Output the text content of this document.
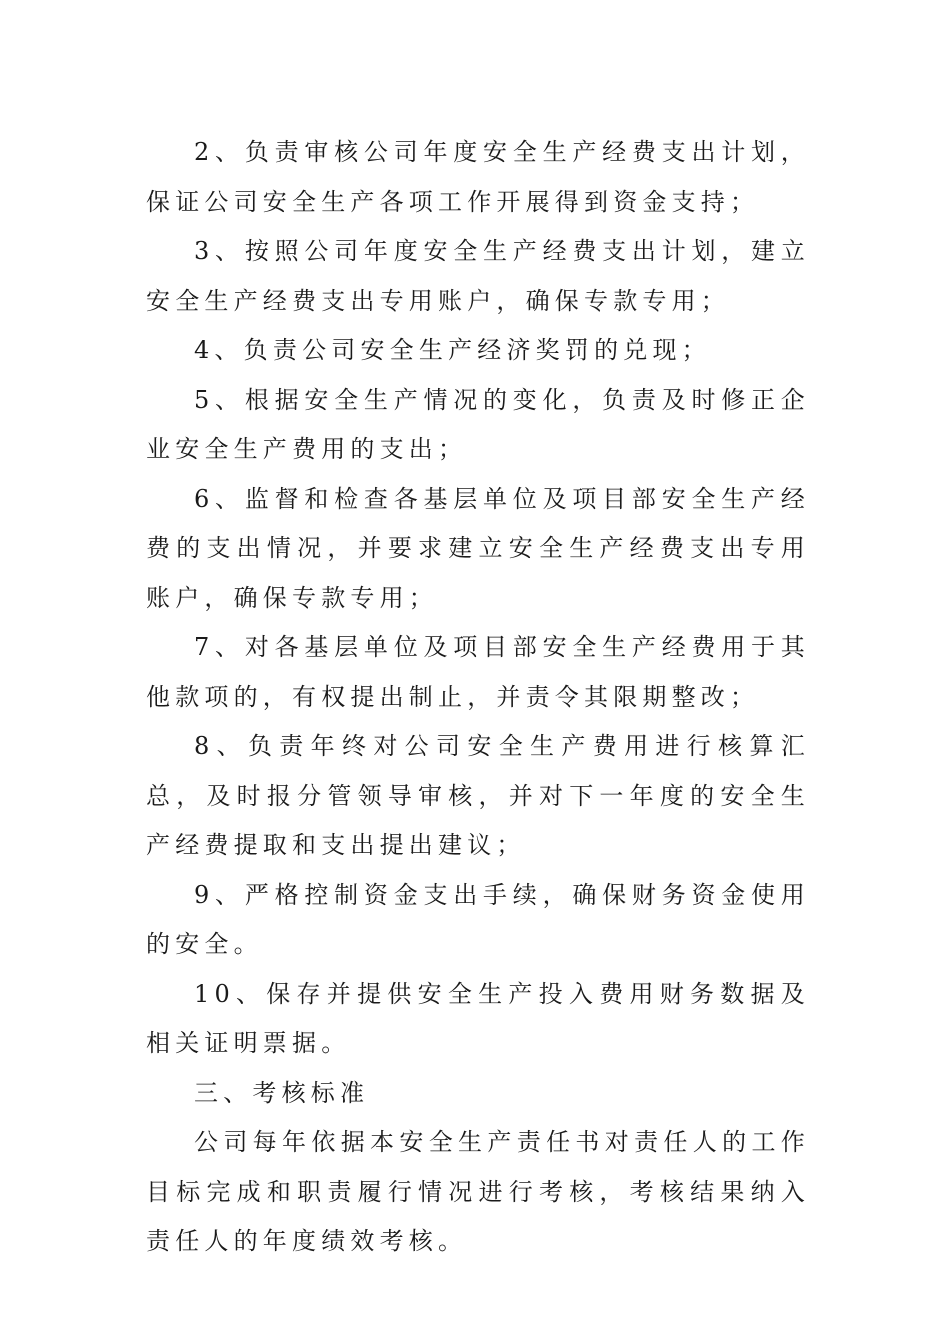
2、负责审核公司年度安全生产经费支出计划，保证公司安全生产各项工作开展得到资金支持；

3、按照公司年度安全生产经费支出计划，建立安全生产经费支出专用账户，确保专款专用；

4、负责公司安全生产经济奖罚的兑现；

5、根据安全生产情况的变化，负责及时修正企业安全生产费用的支出；

6、监督和检查各基层单位及项目部安全生产经费的支出情况，并要求建立安全生产经费支出专用账户，确保专款专用；

7、对各基层单位及项目部安全生产经费用于其他款项的，有权提出制止，并责令其限期整改；

8、负责年终对公司安全生产费用进行核算汇总，及时报分管领导审核，并对下一年度的安全生产经费提取和支出提出建议；

9、严格控制资金支出手续，确保财务资金使用的安全。

10、保存并提供安全生产投入费用财务数据及相关证明票据。

三、考核标准

公司每年依据本安全生产责任书对责任人的工作目标完成和职责履行情况进行考核，考核结果纳入责任人的年度绩效考核。
